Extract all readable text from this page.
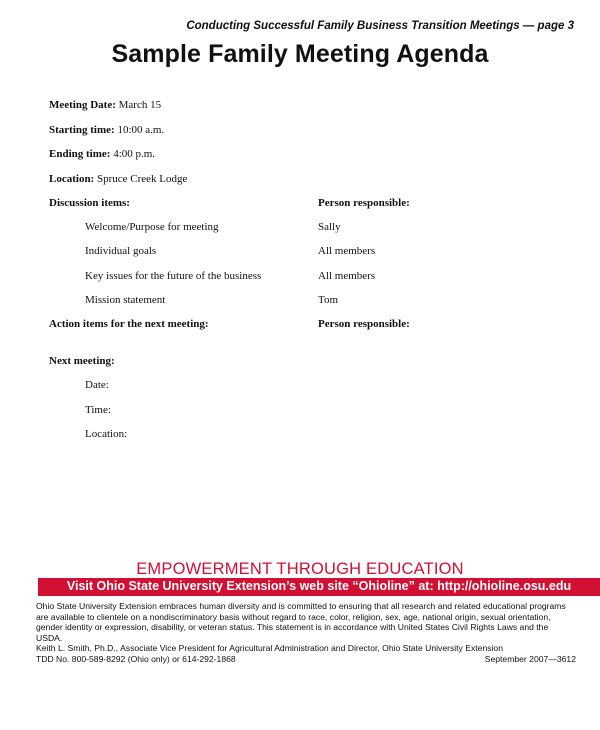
Conducting Successful Family Business Transition Meetings — page 3
Sample Family Meeting Agenda
Meeting Date: March 15
Starting time: 10:00 a.m.
Ending time: 4:00 p.m.
Location: Spruce Creek Lodge
Discussion items:	Person responsible:
Welcome/Purpose for meeting	Sally
Individual goals	All members
Key issues for the future of the business	All members
Mission statement	Tom
Action items for the next meeting:	Person responsible:
Next meeting:
Date:
Time:
Location:
EMPOWERMENT THROUGH EDUCATION
Visit Ohio State University Extension’s web site “Ohioline” at: http://ohioline.osu.edu

Ohio State University Extension embraces human diversity and is committed to ensuring that all research and related educational programs are available to clientele on a nondiscriminatory basis without regard to race, color, religion, sex, age, national origin, sexual orientation, gender identity or expression, disability, or veteran status. This statement is in accordance with United States Civil Rights Laws and the USDA.

Keith L. Smith, Ph.D., Associate Vice President for Agricultural Administration and Director, Ohio State University Extension

TDD No. 800-589-8292 (Ohio only) or 614-292-1868	September 2007—3612
